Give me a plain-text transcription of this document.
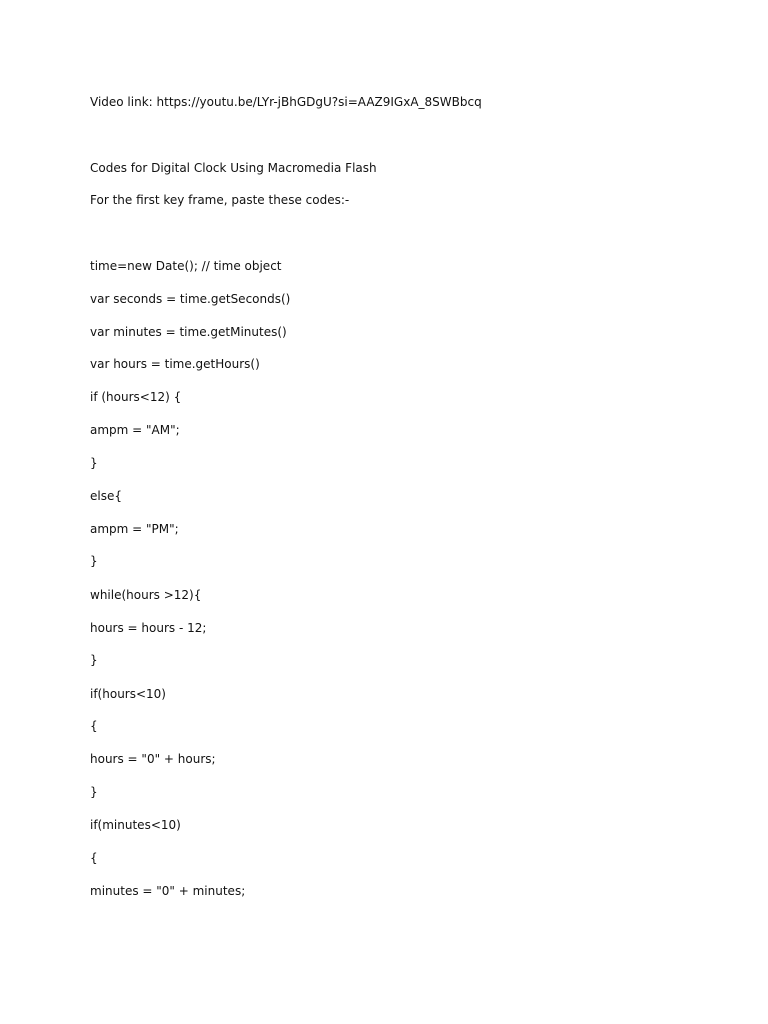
Video link: https://youtu.be/LYr-jBhGDgU?si=AAZ9IGxA_8SWBbcq

Codes for Digital Clock Using Macromedia Flash

For the first key frame, paste these codes:-

time=new Date(); // time object

var seconds = time.getSeconds()

var minutes = time.getMinutes()

var hours = time.getHours()

if (hours<12) {

ampm = "AM";

}

else{

ampm = "PM";

}

while(hours >12){

hours = hours - 12;

}

if(hours<10)

{

hours = "0" + hours;

}

if(minutes<10)

{

minutes = "0" + minutes;
